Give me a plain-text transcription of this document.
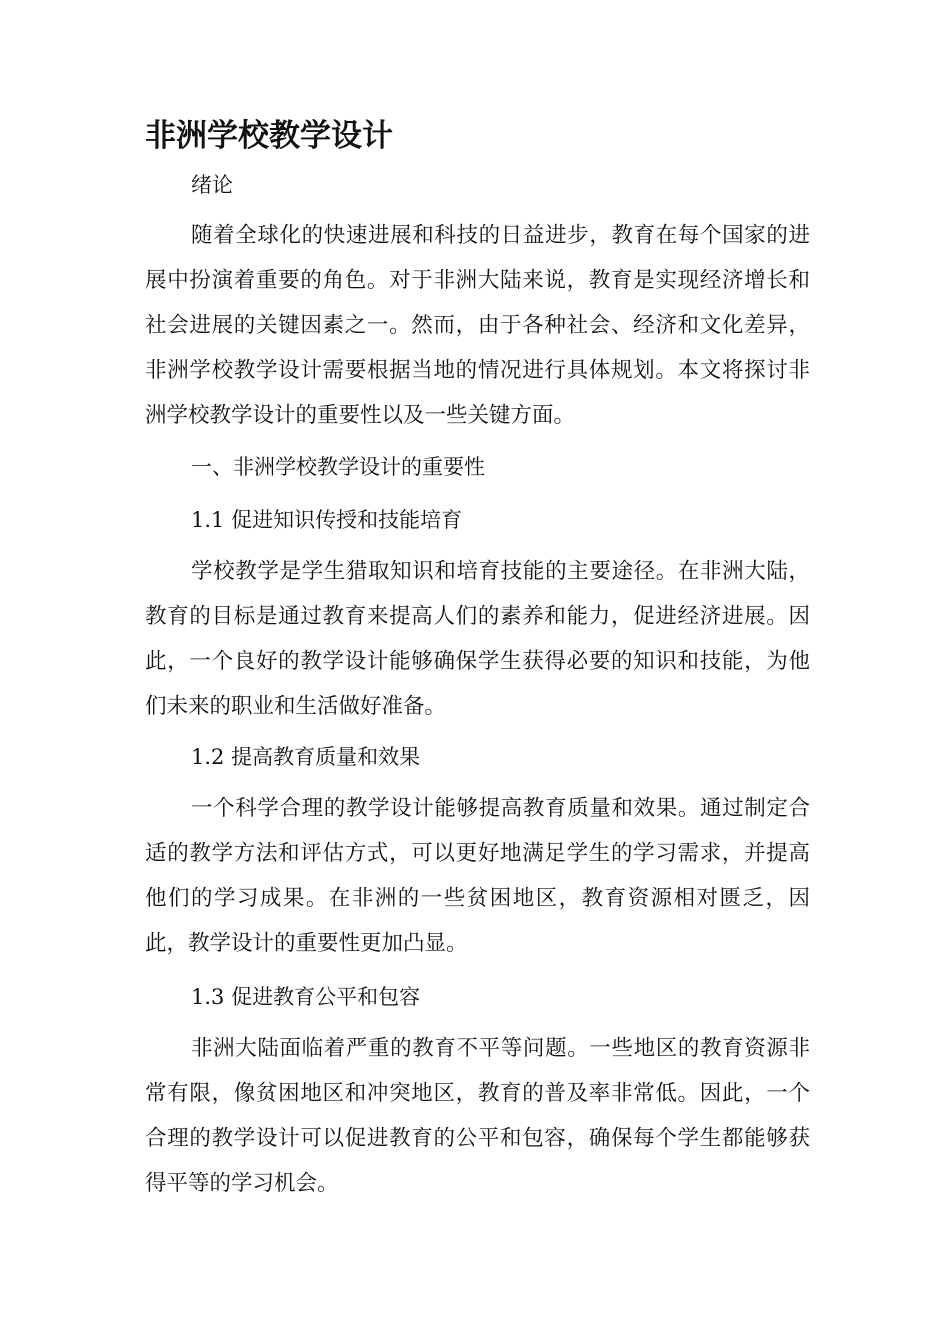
非洲学校教学设计

绪论

随着全球化的快速进展和科技的日益进步，教育在每个国家的进展中扮演着重要的角色。对于非洲大陆来说，教育是实现经济增长和社会进展的关键因素之一。然而，由于各种社会、经济和文化差异，非洲学校教学设计需要根据当地的情况进行具体规划。本文将探讨非洲学校教学设计的重要性以及一些关键方面。

一、非洲学校教学设计的重要性

1.1 促进知识传授和技能培育

学校教学是学生猎取知识和培育技能的主要途径。在非洲大陆，教育的目标是通过教育来提高人们的素养和能力，促进经济进展。因此，一个良好的教学设计能够确保学生获得必要的知识和技能，为他们未来的职业和生活做好准备。

1.2 提高教育质量和效果

一个科学合理的教学设计能够提高教育质量和效果。通过制定合适的教学方法和评估方式，可以更好地满足学生的学习需求，并提高他们的学习成果。在非洲的一些贫困地区，教育资源相对匮乏，因此，教学设计的重要性更加凸显。

1.3 促进教育公平和包容

非洲大陆面临着严重的教育不平等问题。一些地区的教育资源非常有限，像贫困地区和冲突地区，教育的普及率非常低。因此，一个合理的教学设计可以促进教育的公平和包容，确保每个学生都能够获得平等的学习机会。
